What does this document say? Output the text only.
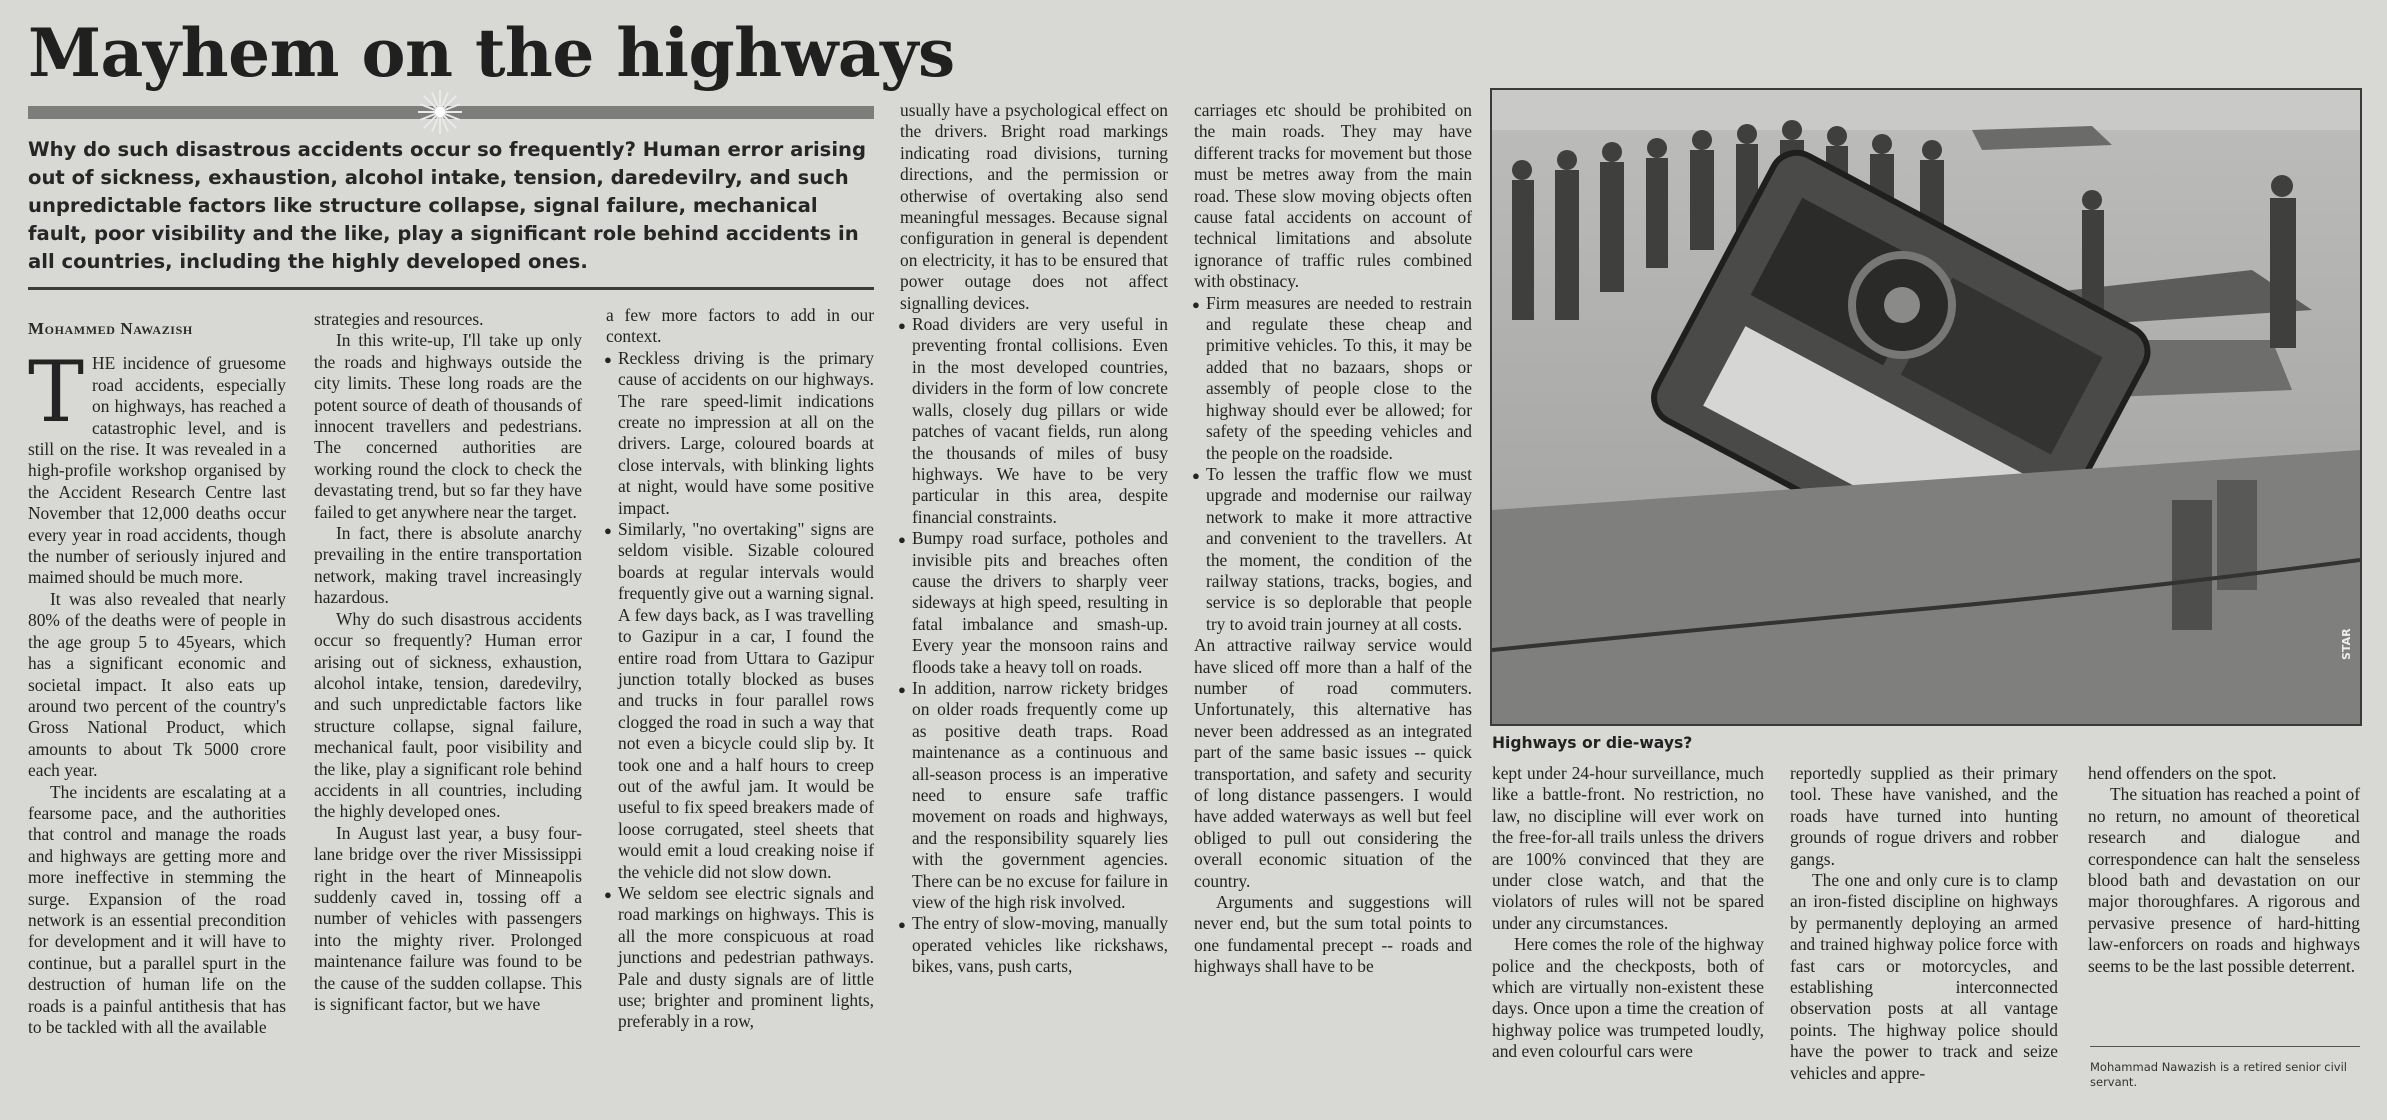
Mayhem on the highways
Why do such disastrous accidents occur so frequently? Human error arising out of sickness, exhaustion, alcohol intake, tension, daredevilry, and such unpredictable factors like structure collapse, signal failure, mechanical fault, poor visibility and the like, play a significant role behind accidents in all countries, including the highly developed ones.
Mohammed Nawazish

THE incidence of gruesome road accidents, especially on highways, has reached a catastrophic level, and is still on the rise. It was revealed in a high-profile workshop organised by the Accident Research Centre last November that 12,000 deaths occur every year in road accidents, though the number of seriously injured and maimed should be much more.

It was also revealed that nearly 80% of the deaths were of people in the age group 5 to 45years, which has a significant economic and societal impact. It also eats up around two percent of the country's Gross National Product, which amounts to about Tk 5000 crore each year.

The incidents are escalating at a fearsome pace, and the authorities that control and manage the roads and highways are getting more and more ineffective in stemming the surge. Expansion of the road network is an essential precondition for development and it will have to continue, but a parallel spurt in the destruction of human life on the roads is a painful antithesis that has to be tackled with all the available

strategies and resources.

In this write-up, I'll take up only the roads and highways outside the city limits. These long roads are the potent source of death of thousands of innocent travellers and pedestrians. The concerned authorities are working round the clock to check the devastating trend, but so far they have failed to get anywhere near the target.

In fact, there is absolute anarchy prevailing in the entire transportation network, making travel increasingly hazardous.

Why do such disastrous accidents occur so frequently? Human error arising out of sickness, exhaustion, alcohol intake, tension, daredevilry, and such unpredictable factors like structure collapse, signal failure, mechanical fault, poor visibility and the like, play a significant role behind accidents in all countries, including the highly developed ones.

In August last year, a busy four-lane bridge over the river Mississippi right in the heart of Minneapolis suddenly caved in, tossing off a number of vehicles with passengers into the mighty river. Prolonged maintenance failure was found to be the cause of the sudden collapse. This is significant factor, but we have

a few more factors to add in our context.

● Reckless driving is the primary cause of accidents on our highways. The rare speed-limit indications create no impression at all on the drivers. Large, coloured boards at close intervals, with blinking lights at night, would have some positive impact.

● Similarly, "no overtaking" signs are seldom visible. Sizable coloured boards at regular intervals would frequently give out a warning signal. A few days back, as I was travelling to Gazipur in a car, I found the entire road from Uttara to Gazipur junction totally blocked as buses and trucks in four parallel rows clogged the road in such a way that not even a bicycle could slip by. It took one and a half hours to creep out of the awful jam. It would be useful to fix speed breakers made of loose corrugated, steel sheets that would emit a loud creaking noise if the vehicle did not slow down.

● We seldom see electric signals and road markings on highways. This is all the more conspicuous at road junctions and pedestrian pathways. Pale and dusty signals are of little use; brighter and prominent lights, preferably in a row,

usually have a psychological effect on the drivers. Bright road markings indicating road divisions, turning directions, and the permission or otherwise of overtaking also send meaningful messages. Because signal configuration in general is dependent on electricity, it has to be ensured that power outage does not affect signalling devices.

● Road dividers are very useful in preventing frontal collisions. Even in the most developed countries, dividers in the form of low concrete walls, closely dug pillars or wide patches of vacant fields, run along the thousands of miles of busy highways. We have to be very particular in this area, despite financial constraints.

● Bumpy road surface, potholes and invisible pits and breaches often cause the drivers to sharply veer sideways at high speed, resulting in fatal imbalance and smash-up. Every year the monsoon rains and floods take a heavy toll on roads.

● In addition, narrow rickety bridges on older roads frequently come up as positive death traps. Road maintenance as a continuous and all-season process is an imperative need to ensure safe traffic movement on roads and highways, and the responsibility squarely lies with the government agencies. There can be no excuse for failure in view of the high risk involved.

● The entry of slow-moving, manually operated vehicles like rickshaws, bikes, vans, push carts,

carriages etc should be prohibited on the main roads. They may have different tracks for movement but those must be metres away from the main road. These slow moving objects often cause fatal accidents on account of technical limitations and absolute ignorance of traffic rules combined with obstinacy.

● Firm measures are needed to restrain and regulate these cheap and primitive vehicles. To this, it may be added that no bazaars, shops or assembly of people close to the highway should ever be allowed; for safety of the speeding vehicles and the people on the roadside.

● To lessen the traffic flow we must upgrade and modernise our railway network to make it more attractive and convenient to the travellers. At the moment, the condition of the railway stations, tracks, bogies, and service is so deplorable that people try to avoid train journey at all costs.

An attractive railway service would have sliced off more than a half of the number of road commuters. Unfortunately, this alternative has never been addressed as an integrated part of the same basic issues -- quick transportation, and safety and security of long distance passengers. I would have added waterways as well but feel obliged to pull out considering the overall economic situation of the country.

Arguments and suggestions will never end, but the sum total points to one fundamental precept -- roads and highways shall have to be

STAR
Highways or die-ways?

kept under 24-hour surveillance, much like a battle-front. No restriction, no law, no discipline will ever work on the free-for-all trails unless the drivers are 100% convinced that they are under close watch, and that the violators of rules will not be spared under any circumstances.

Here comes the role of the highway police and the checkposts, both of which are virtually non-existent these days. Once upon a time the creation of highway police was trumpeted loudly, and even colourful cars were

reportedly supplied as their primary tool. These have vanished, and the roads have turned into hunting grounds of rogue drivers and robber gangs.

The one and only cure is to clamp an iron-fisted discipline on highways by permanently deploying an armed and trained highway police force with fast cars or motorcycles, and establishing interconnected observation posts at all vantage points. The highway police should have the power to track and seize vehicles and appre-

hend offenders on the spot.

The situation has reached a point of no return, no amount of theoretical research and dialogue and correspondence can halt the senseless blood bath and devastation on our major thoroughfares. A rigorous and pervasive presence of hard-hitting law-enforcers on roads and highways seems to be the last possible deterrent.

Mohammad Nawazish is a retired senior civil servant.
